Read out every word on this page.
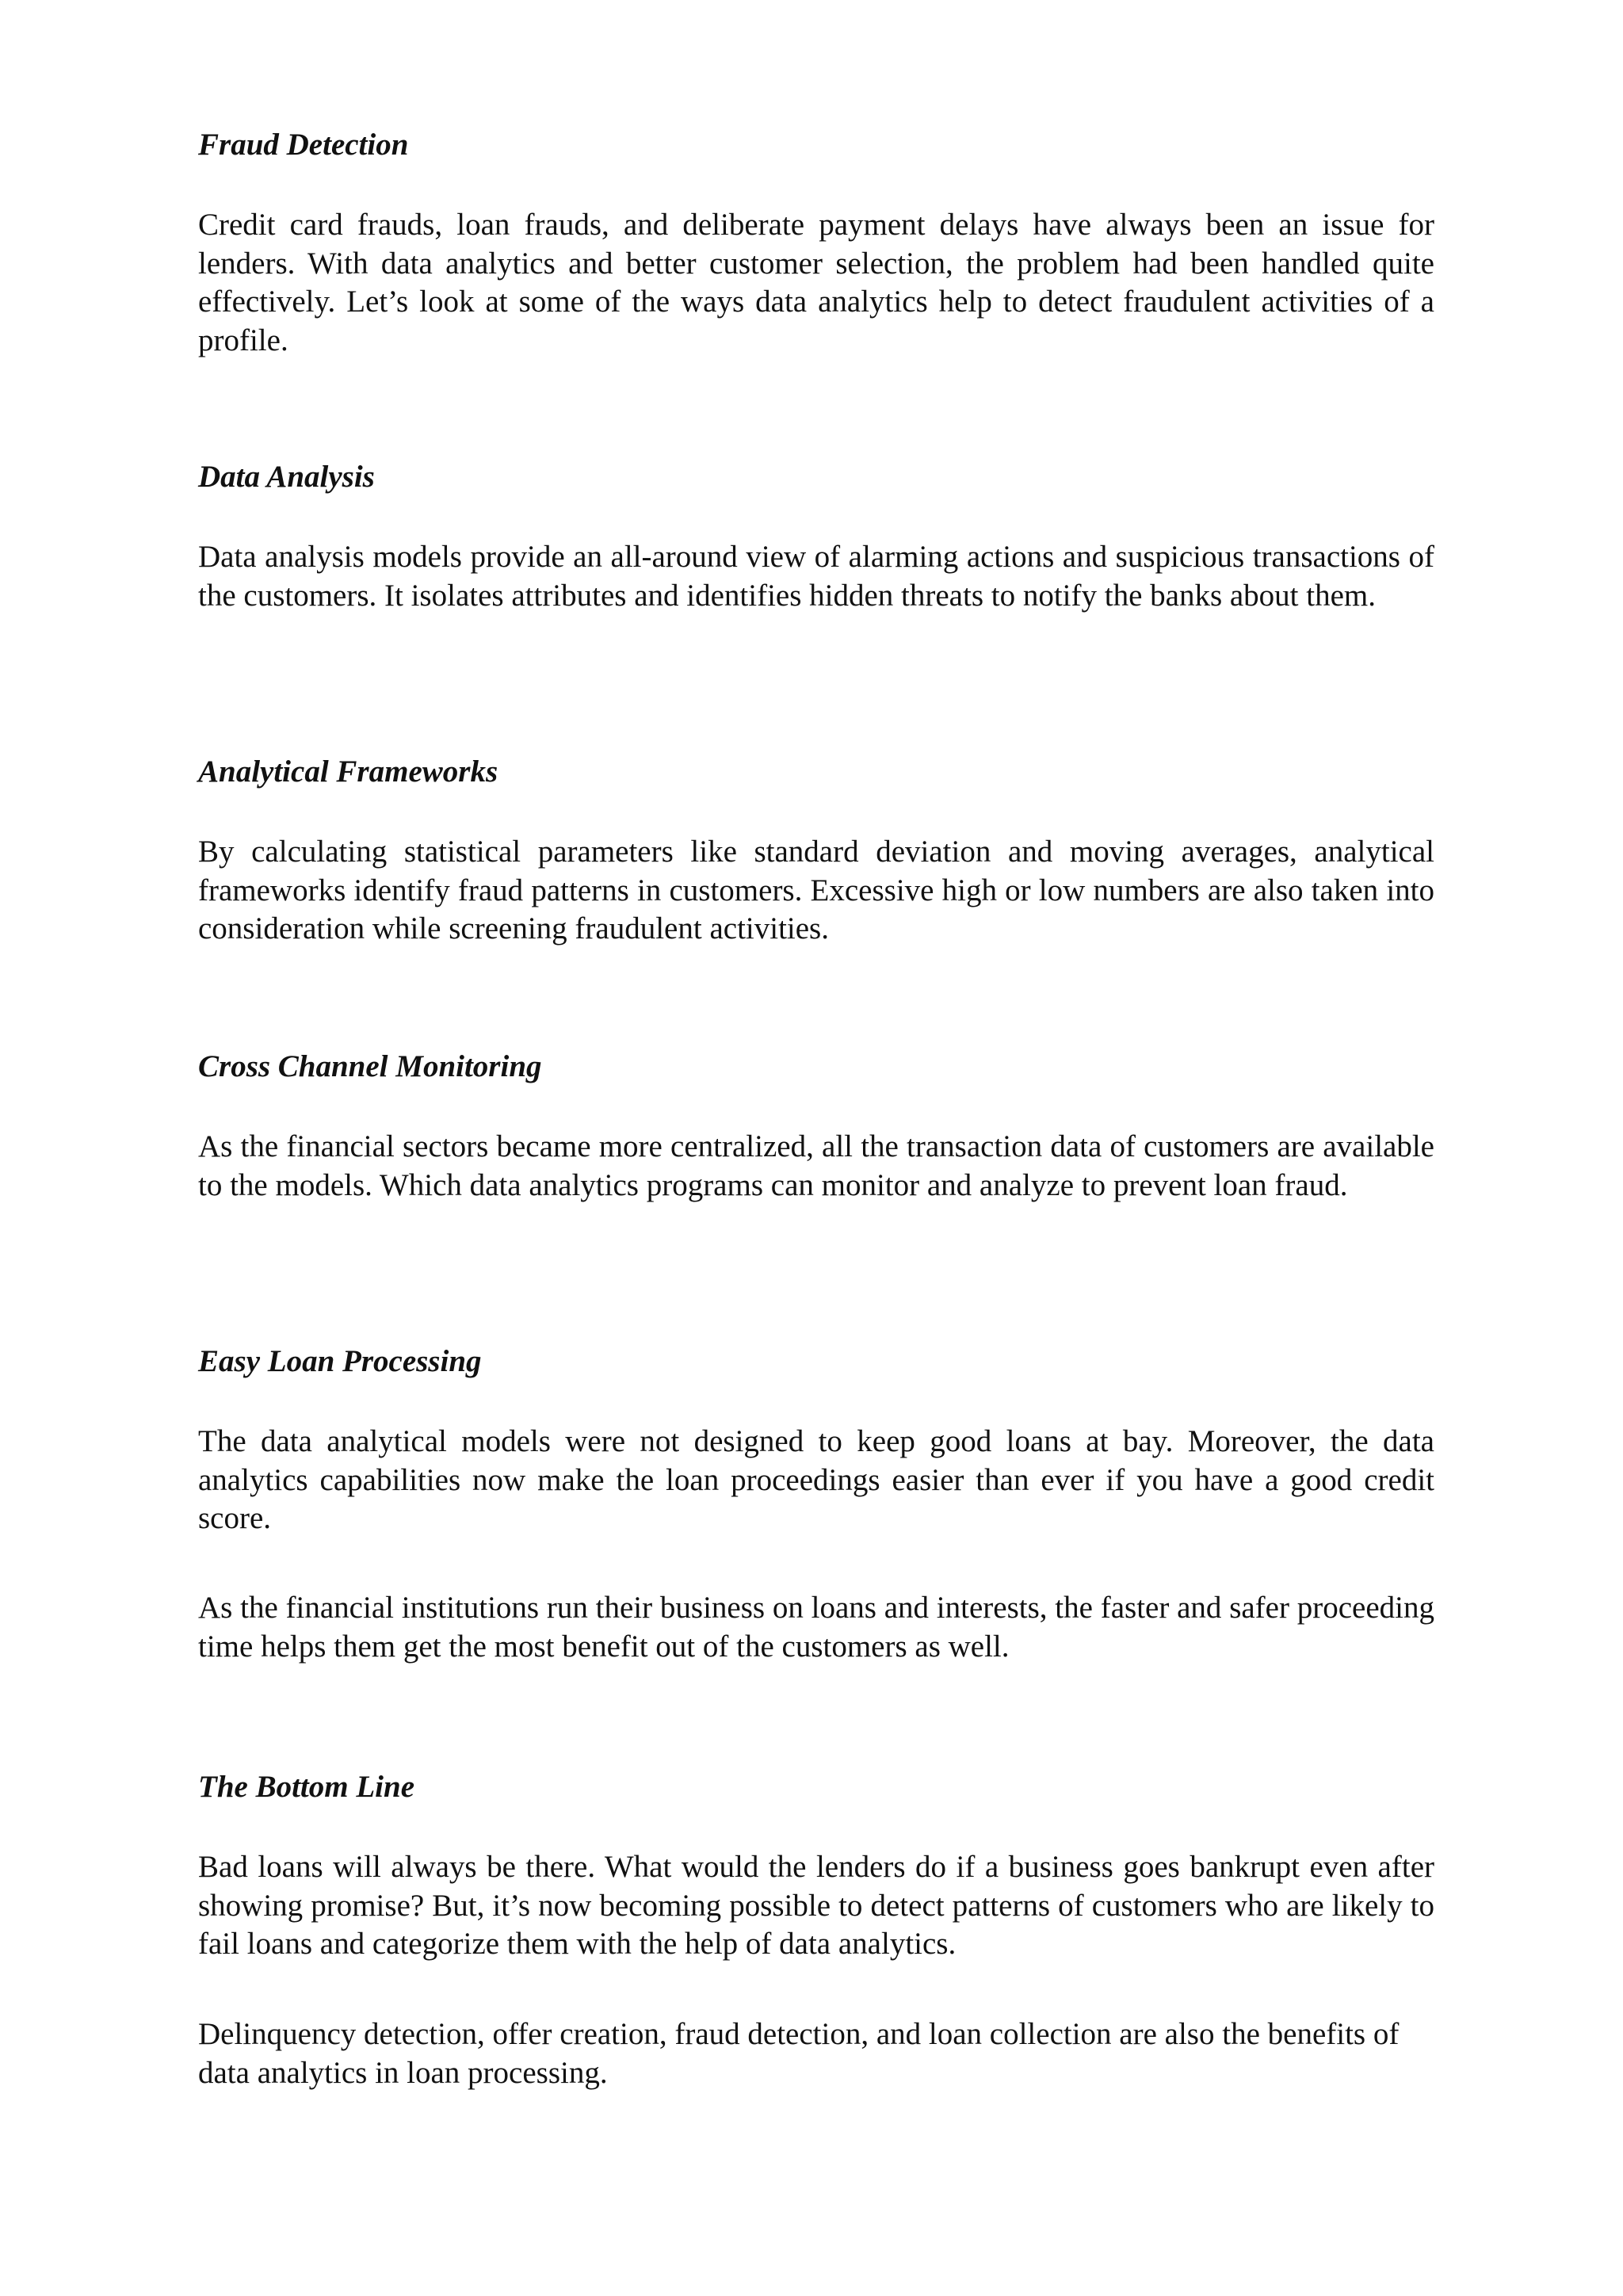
Fraud Detection
Credit card frauds, loan frauds, and deliberate payment delays have always been an issue for lenders. With data analytics and better customer selection, the problem had been handled quite effectively. Let’s look at some of the ways data analytics help to detect fraudulent activities of a profile.
Data Analysis
Data analysis models provide an all-around view of alarming actions and suspicious transactions of the customers. It isolates attributes and identifies hidden threats to notify the banks about them.
Analytical Frameworks
By calculating statistical parameters like standard deviation and moving averages, analytical frameworks identify fraud patterns in customers. Excessive high or low numbers are also taken into consideration while screening fraudulent activities.
Cross Channel Monitoring
As the financial sectors became more centralized, all the transaction data of customers are available to the models. Which data analytics programs can monitor and analyze to prevent loan fraud.
Easy Loan Processing
The data analytical models were not designed to keep good loans at bay. Moreover, the data analytics capabilities now make the loan proceedings easier than ever if you have a good credit score.
As the financial institutions run their business on loans and interests, the faster and safer proceeding time helps them get the most benefit out of the customers as well.
The Bottom Line
Bad loans will always be there. What would the lenders do if a business goes bankrupt even after showing promise? But, it’s now becoming possible to detect patterns of customers who are likely to fail loans and categorize them with the help of data analytics.
Delinquency detection, offer creation, fraud detection, and loan collection are also the benefits of data analytics in loan processing.
